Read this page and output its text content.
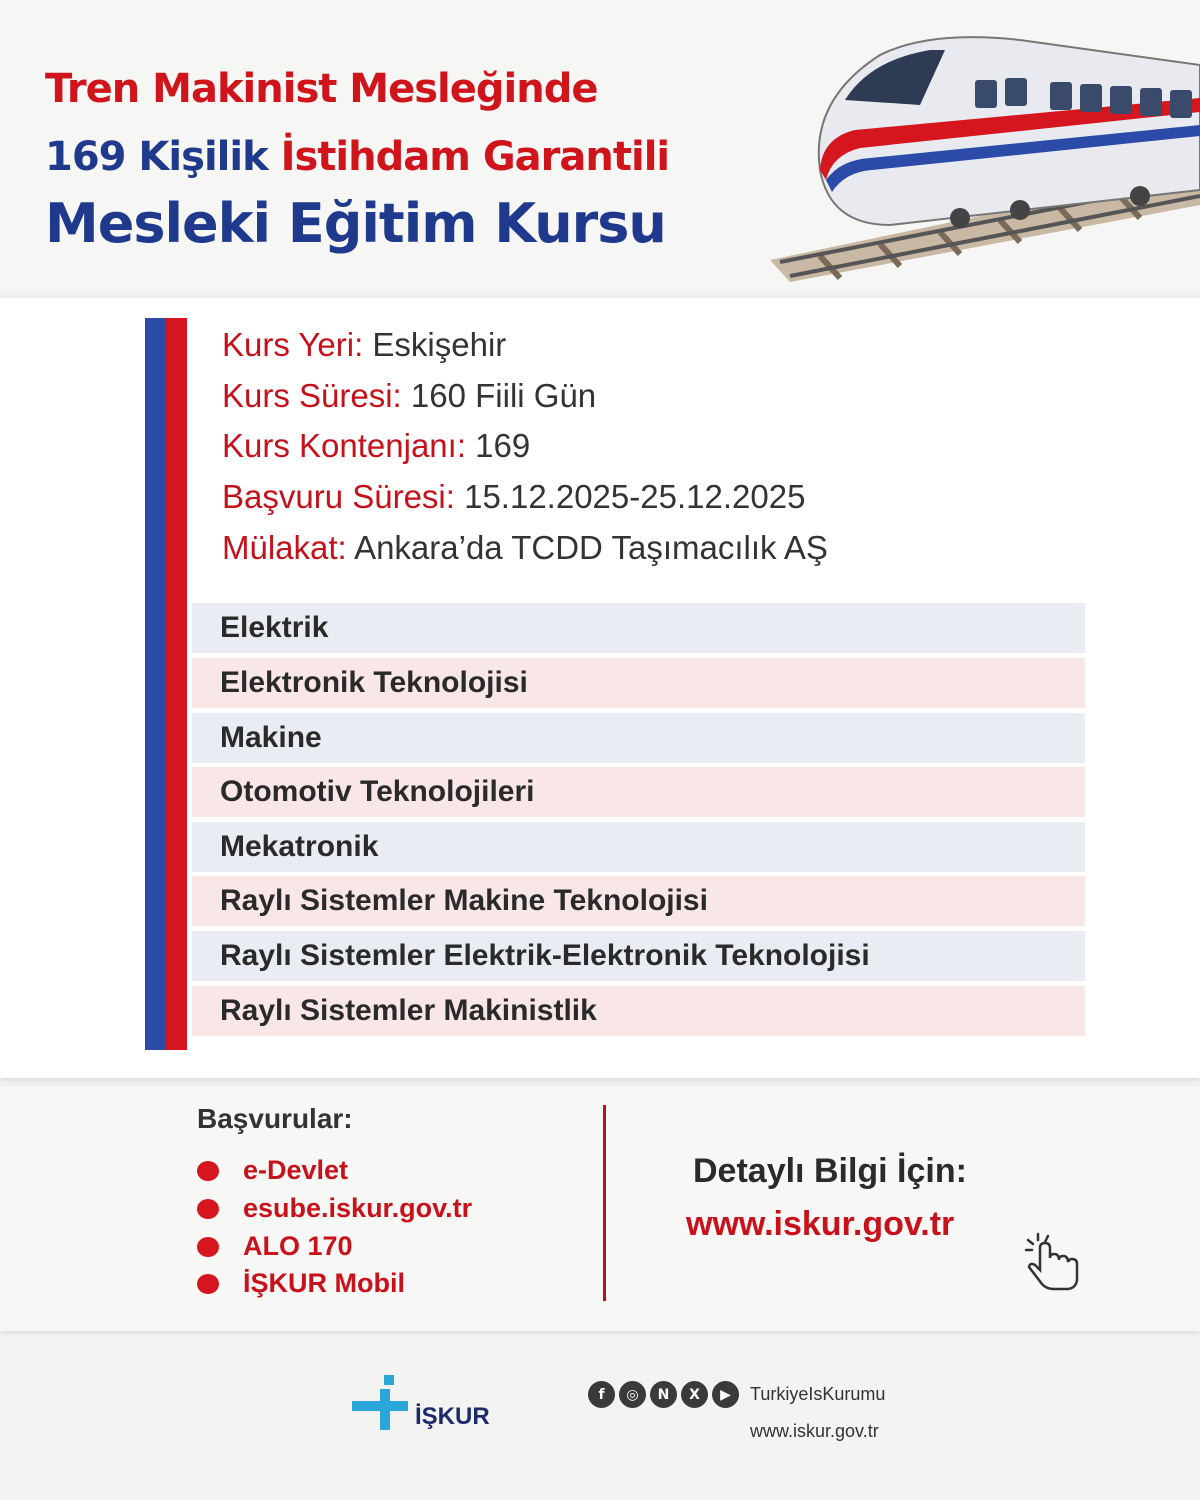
Tren Makinist Mesleğinde
169 Kişilik İstihdam Garantili
Mesleki Eğitim Kursu
Kurs Yeri: Eskişehir
Kurs Süresi: 160 Fiili Gün
Kurs Kontenjanı: 169
Başvuru Süresi: 15.12.2025-25.12.2025
Mülakat: Ankara’da TCDD Taşımacılık AŞ
Elektrik
Elektronik Teknolojisi
Makine
Otomotiv Teknolojileri
Mekatronik
Raylı Sistemler Makine Teknolojisi
Raylı Sistemler Elektrik-Elektronik Teknolojisi
Raylı Sistemler Makinistlik
Başvurular:
e-Devlet
esube.iskur.gov.tr
ALO 170
İŞKUR Mobil
Detaylı Bilgi İçin:
www.iskur.gov.tr
İŞKUR
f	◎	N	X	▶	TurkiyeIsKurumu
www.iskur.gov.tr
